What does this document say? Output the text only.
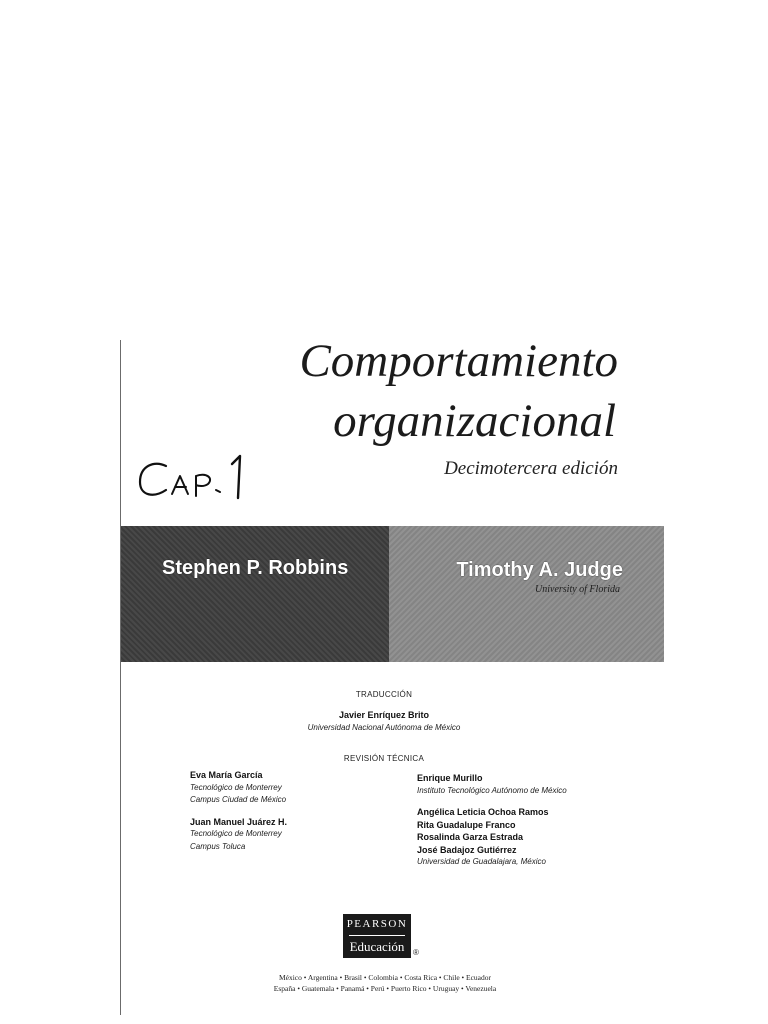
Comportamiento
organizacional
Decimotercera edición
Stephen P. Robbins	Timothy A. Judge
University of Florida
TRADUCCIÓN
Javier Enríquez Brito
Universidad Nacional Autónoma de México
REVISIÓN TÉCNICA
Eva María García
Tecnológico de Monterrey
Campus Ciudad de México
Juan Manuel Juárez H.
Tecnológico de Monterrey
Campus Toluca
Enrique Murillo
Instituto Tecnológico Autónomo de México
Angélica Leticia Ochoa Ramos
Rita Guadalupe Franco
Rosalinda Garza Estrada
José Badajoz Gutiérrez
Universidad de Guadalajara, México
PEARSON
Educación	®
México • Argentina • Brasil • Colombia • Costa Rica • Chile • Ecuador
España • Guatemala • Panamá • Perú • Puerto Rico • Uruguay • Venezuela
